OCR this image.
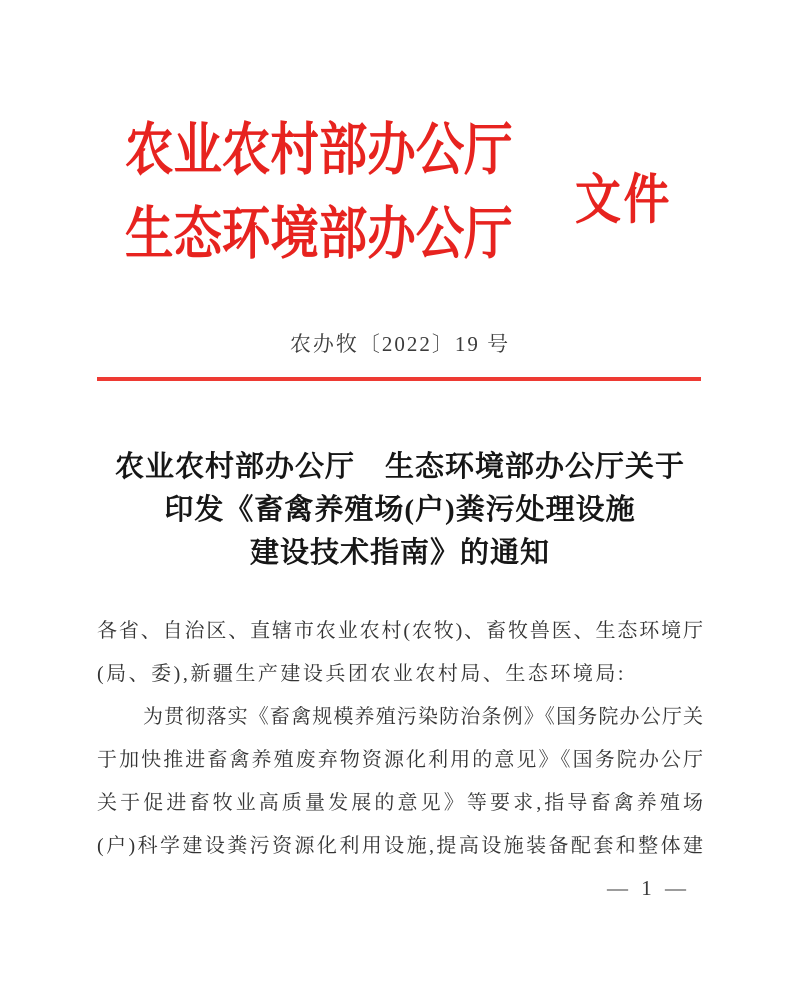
农业农村部办公厅
生态环境部办公厅
文件
农办牧〔2022〕19 号
农业农村部办公厅　生态环境部办公厅关于
印发《畜禽养殖场(户)粪污处理设施
建设技术指南》的通知
各省、自治区、直辖市农业农村(农牧)、畜牧兽医、生态环境厅
(局、委),新疆生产建设兵团农业农村局、生态环境局:
为贯彻落实《畜禽规模养殖污染防治条例》《国务院办公厅关
于加快推进畜禽养殖废弃物资源化利用的意见》《国务院办公厅
关于促进畜牧业高质量发展的意见》等要求,指导畜禽养殖场
(户)科学建设粪污资源化利用设施,提高设施装备配套和整体建
— 1 —
